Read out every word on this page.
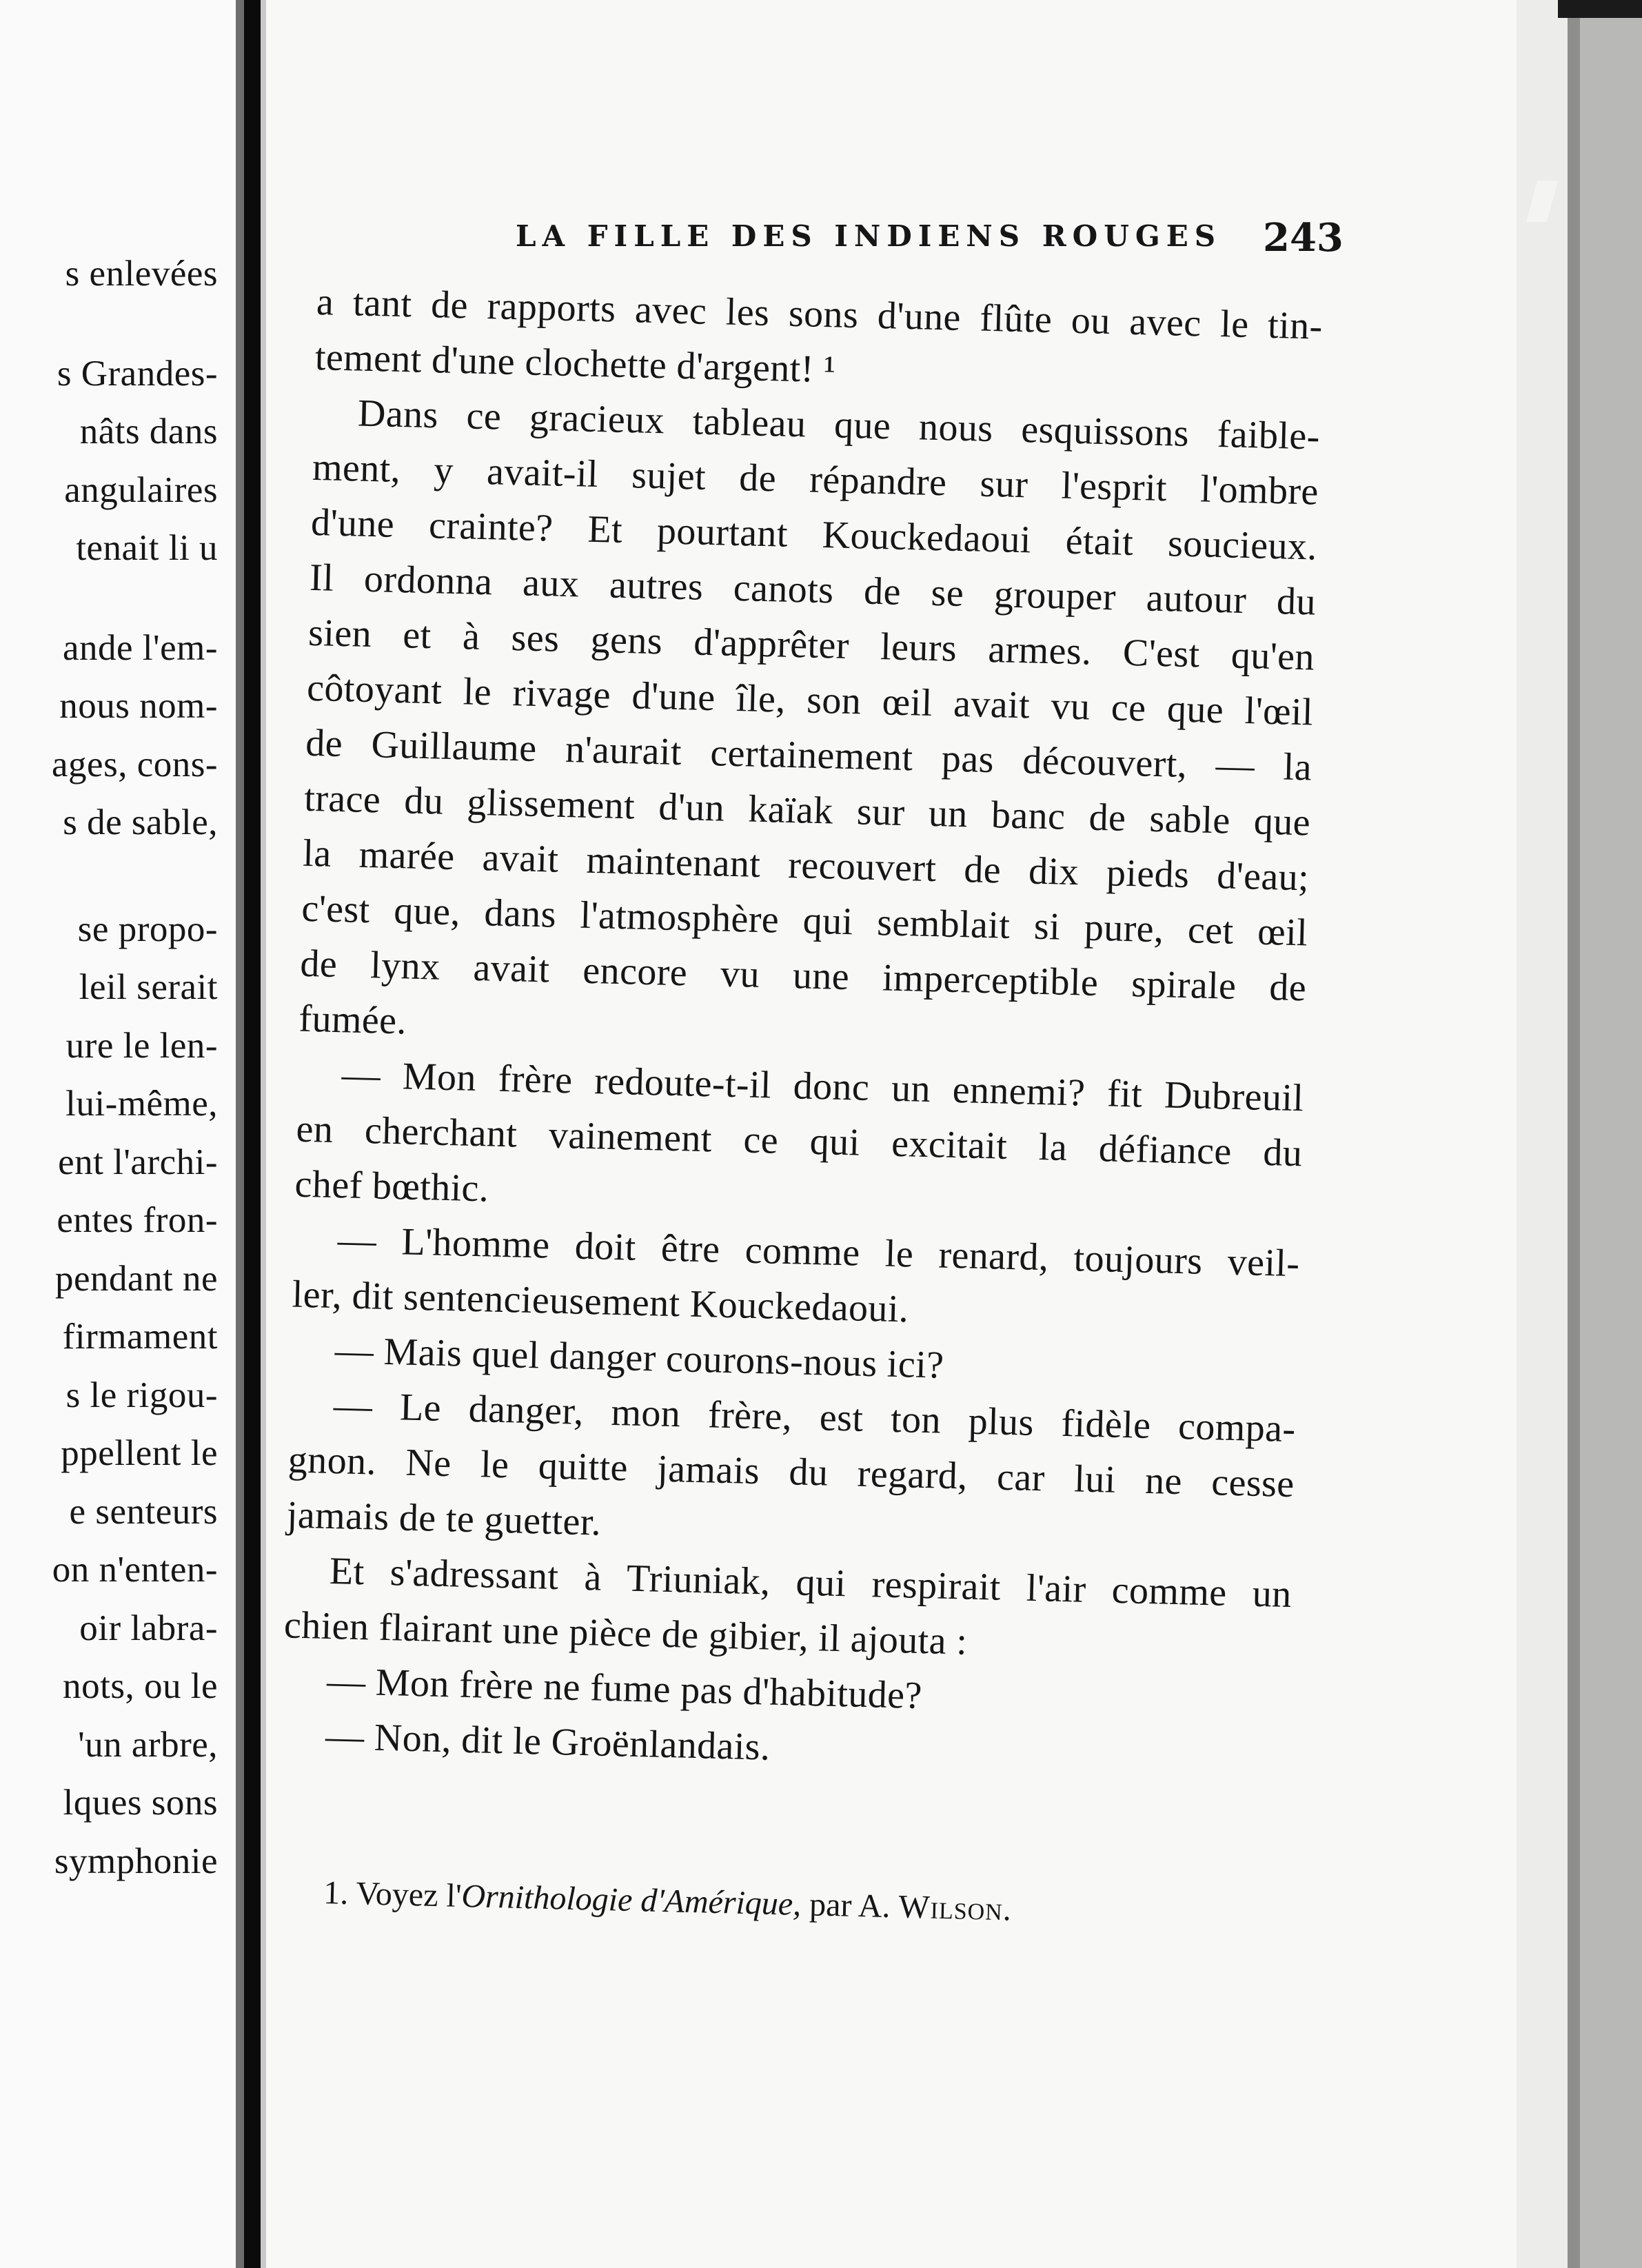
s enlevées
s Grandes-
nâts dans
angulaires
tenait li u
ande l'em-
nous nom-
ages, cons-
s de sable,
se propo-
leil serait
ure le len-
lui-même,
ent l'archi-
entes fron-
pendant ne
firmament
s le rigou-
ppellent le
e senteurs
on n'enten-
oir labra-
nots, ou le
'un arbre,
lques sons
symphonie
LA FILLE DES INDIENS ROUGES 243
a tant de rapports avec les sons d'une flûte ou avec le tin-
tement d'une clochette d'argent! ¹
Dans ce gracieux tableau que nous esquissons faible-
ment, y avait-il sujet de répandre sur l'esprit l'ombre
d'une crainte? Et pourtant Kouckedaoui était soucieux.
Il ordonna aux autres canots de se grouper autour du
sien et à ses gens d'apprêter leurs armes. C'est qu'en
côtoyant le rivage d'une île, son œil avait vu ce que l'œil
de Guillaume n'aurait certainement pas découvert, — la
trace du glissement d'un kaïak sur un banc de sable que
la marée avait maintenant recouvert de dix pieds d'eau;
c'est que, dans l'atmosphère qui semblait si pure, cet œil
de lynx avait encore vu une imperceptible spirale de
fumée.
— Mon frère redoute-t-il donc un ennemi? fit Dubreuil
en cherchant vainement ce qui excitait la défiance du
chef bœthic.
— L'homme doit être comme le renard, toujours veil-
ler, dit sentencieusement Kouckedaoui.
— Mais quel danger courons-nous ici?
— Le danger, mon frère, est ton plus fidèle compa-
gnon. Ne le quitte jamais du regard, car lui ne cesse
jamais de te guetter.
Et s'adressant à Triuniak, qui respirait l'air comme un
chien flairant une pièce de gibier, il ajouta :
— Mon frère ne fume pas d'habitude?
— Non, dit le Groënlandais.
1. Voyez l'Ornithologie d'Amérique, par A. Wilson.
